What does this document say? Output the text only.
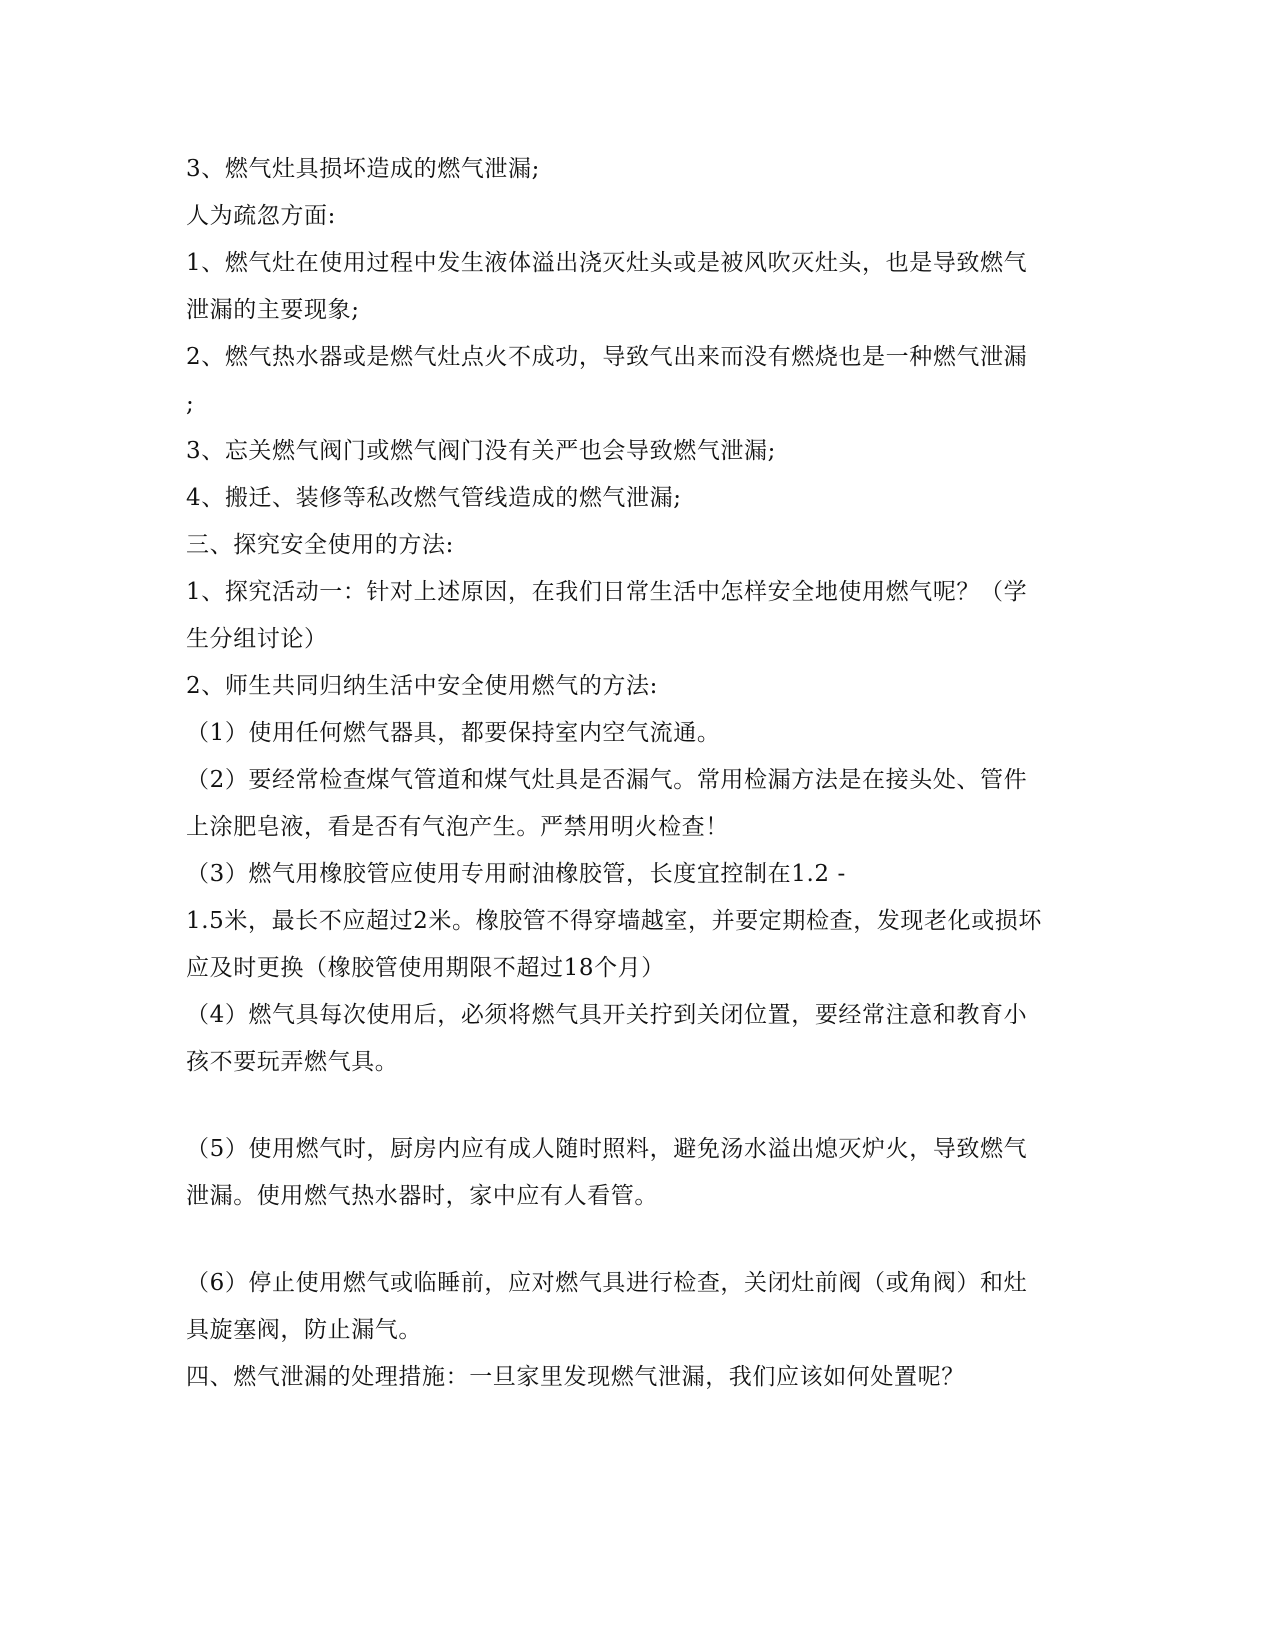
3、燃气灶具损坏造成的燃气泄漏;
人为疏忽方面:
1、燃气灶在使用过程中发生液体溢出浇灭灶头或是被风吹灭灶头，也是导致燃气
泄漏的主要现象;
2、燃气热水器或是燃气灶点火不成功，导致气出来而没有燃烧也是一种燃气泄漏
;
3、忘关燃气阀门或燃气阀门没有关严也会导致燃气泄漏;
4、搬迁、装修等私改燃气管线造成的燃气泄漏;
三、探究安全使用的方法:
1、探究活动一：针对上述原因，在我们日常生活中怎样安全地使用燃气呢？（学
生分组讨论）
2、师生共同归纳生活中安全使用燃气的方法:
（1）使用任何燃气器具，都要保持室内空气流通。
（2）要经常检查煤气管道和煤气灶具是否漏气。常用检漏方法是在接头处、管件
上涂肥皂液，看是否有气泡产生。严禁用明火检查！
（3）燃气用橡胶管应使用专用耐油橡胶管，长度宜控制在1.2 -
1.5米，最长不应超过2米。橡胶管不得穿墙越室，并要定期检查，发现老化或损坏
应及时更换（橡胶管使用期限不超过18个月）
（4）燃气具每次使用后，必须将燃气具开关拧到关闭位置，要经常注意和教育小
孩不要玩弄燃气具。
（5）使用燃气时，厨房内应有成人随时照料，避免汤水溢出熄灭炉火，导致燃气
泄漏。使用燃气热水器时，家中应有人看管。
（6）停止使用燃气或临睡前，应对燃气具进行检查，关闭灶前阀（或角阀）和灶
具旋塞阀，防止漏气。
四、燃气泄漏的处理措施：一旦家里发现燃气泄漏，我们应该如何处置呢？
